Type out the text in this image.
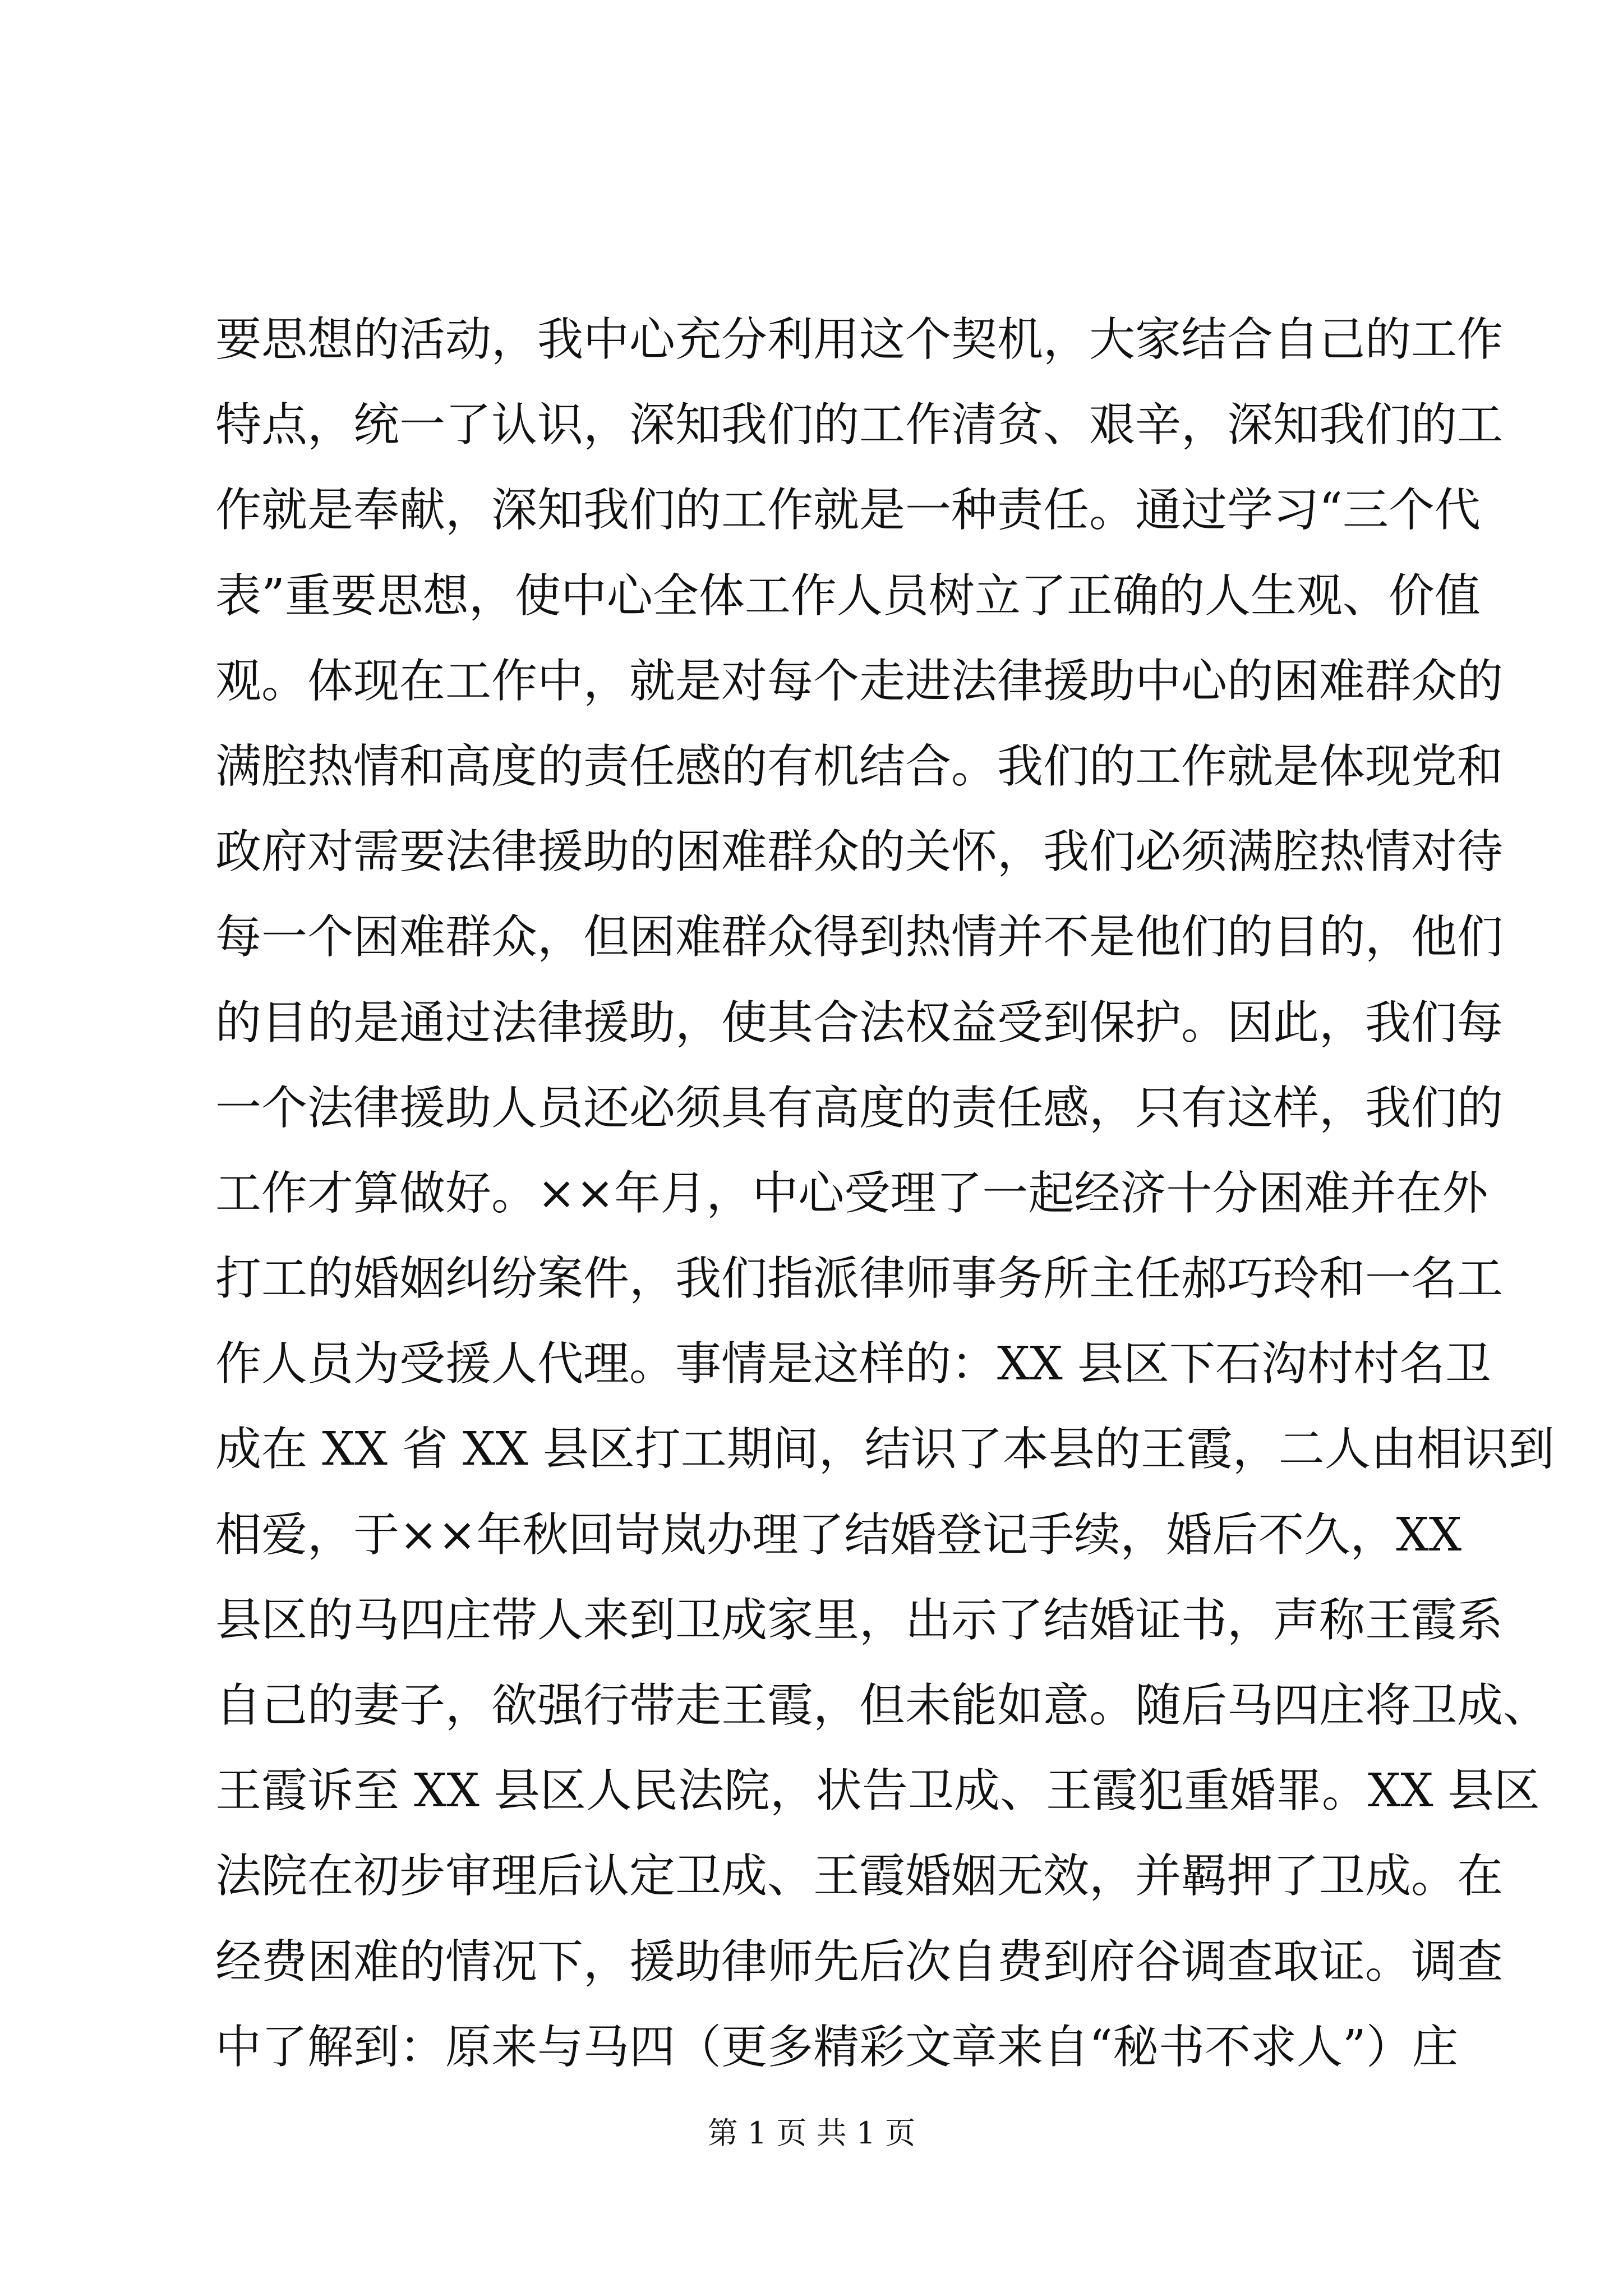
要思想的活动，我中心充分利用这个契机，大家结合自己的工作
特点，统一了认识，深知我们的工作清贫、艰辛，深知我们的工
作就是奉献，深知我们的工作就是一种责任。通过学习“三个代
表”重要思想，使中心全体工作人员树立了正确的人生观、价值
观。体现在工作中，就是对每个走进法律援助中心的困难群众的
满腔热情和高度的责任感的有机结合。我们的工作就是体现党和
政府对需要法律援助的困难群众的关怀，我们必须满腔热情对待
每一个困难群众，但困难群众得到热情并不是他们的目的，他们
的目的是通过法律援助，使其合法权益受到保护。因此，我们每
一个法律援助人员还必须具有高度的责任感，只有这样，我们的
工作才算做好。××年月，中心受理了一起经济十分困难并在外
打工的婚姻纠纷案件，我们指派律师事务所主任郝巧玲和一名工
作人员为受援人代理。事情是这样的：XX 县区下石沟村村名卫
成在 XX 省 XX 县区打工期间，结识了本县的王霞，二人由相识到
相爱，于××年秋回岢岚办理了结婚登记手续，婚后不久，XX
县区的马四庄带人来到卫成家里，出示了结婚证书，声称王霞系
自己的妻子，欲强行带走王霞，但未能如意。随后马四庄将卫成、
王霞诉至 XX 县区人民法院，状告卫成、王霞犯重婚罪。XX 县区
法院在初步审理后认定卫成、王霞婚姻无效，并羁押了卫成。在
经费困难的情况下，援助律师先后次自费到府谷调查取证。调查
中了解到：原来与马四（更多精彩文章来自“秘书不求人”）庄
第 1 页 共 1 页
